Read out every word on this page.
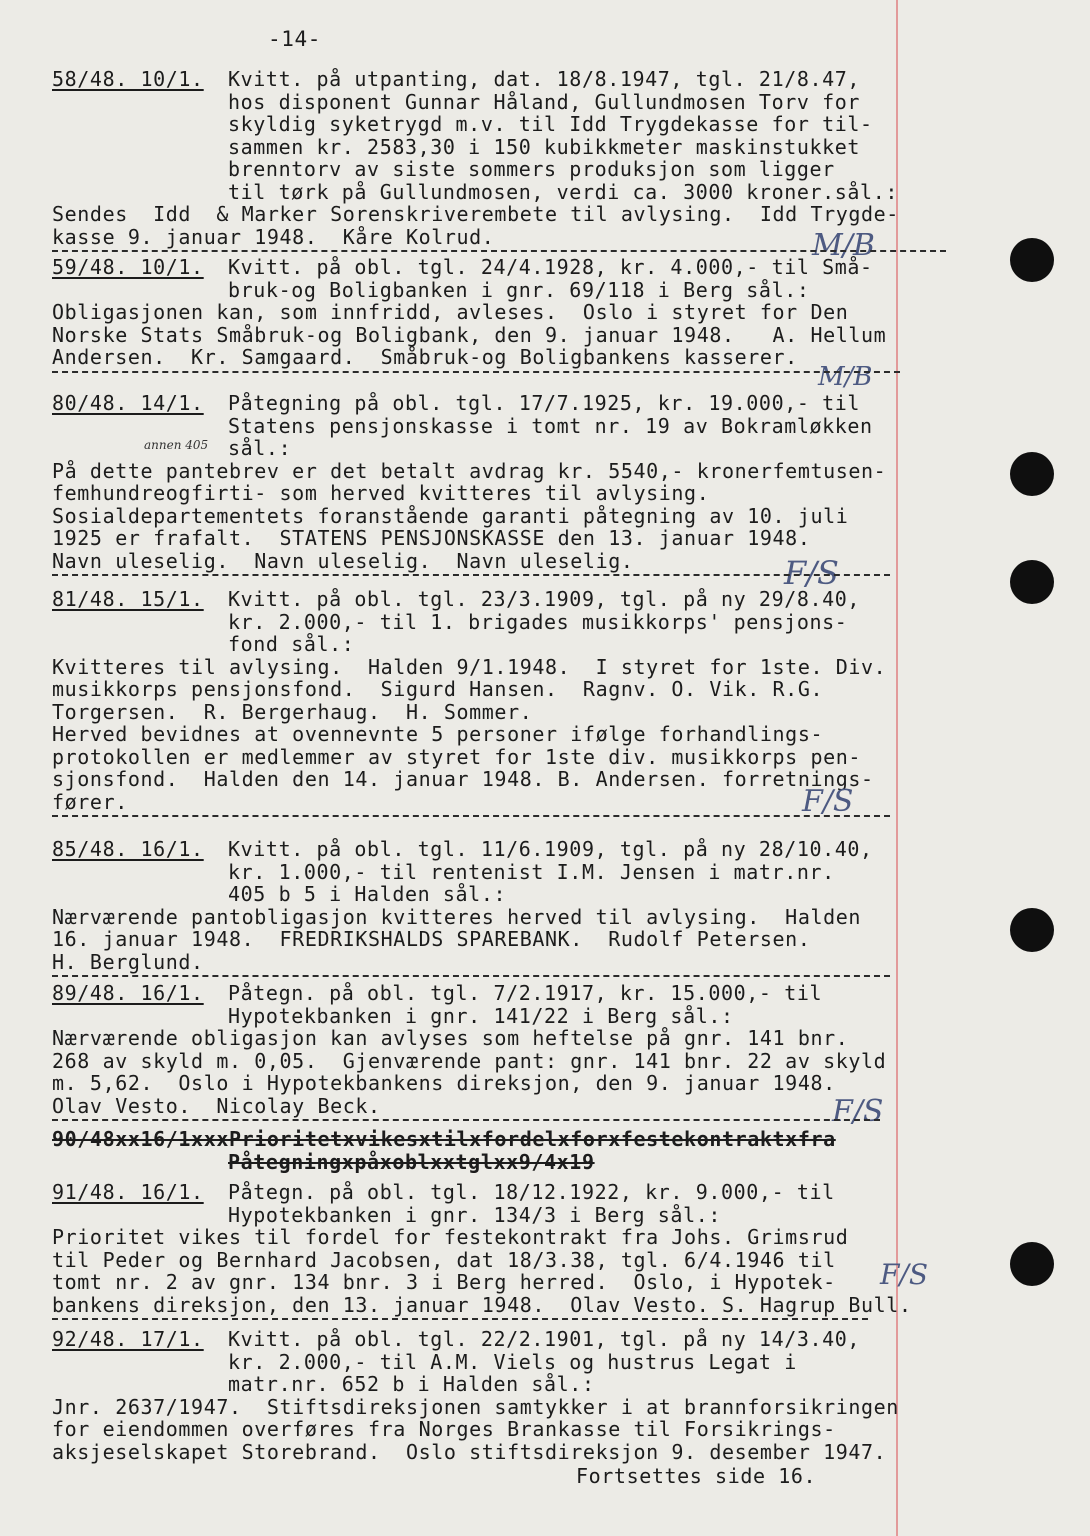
-14-
58/48. 10/1. Kvitt. på utpanting, dat. 18/8.1947, tgl. 21/8.47,
hos disponent Gunnar Håland, Gullundmosen Torv for
skyldig syketrygd m.v. til Idd Trygdekasse for til-
sammen kr. 2583,30 i 150 kubikkmeter maskinstukket
brenntorv av siste sommers produksjon som ligger
til tørk på Gullundmosen, verdi ca. 3000 kroner.sål.:
Sendes  Idd  & Marker Sorenskriverembete til avlysing.  Idd Trygde-
kasse 9. januar 1948.  Kåre Kolrud.	M/B
59/48. 10/1. Kvitt. på obl. tgl. 24/4.1928, kr. 4.000,- til Små-
bruk-og Boligbanken i gnr. 69/118 i Berg sål.:
Obligasjonen kan, som innfridd, avleses.  Oslo i styret for Den
Norske Stats Småbruk-og Boligbank, den 9. januar 1948.   A. Hellum
Andersen.  Kr. Samgaard.  Småbruk-og Boligbankens kasserer.
M/B
80/48. 14/1. Påtegning på obl. tgl. 17/7.1925, kr. 19.000,- til
Statens pensjonskasse i tomt nr. 19 av Bokramløkken
sål.:
annen 405
På dette pantebrev er det betalt avdrag kr. 5540,- kronerfemtusen-
femhundreogfirti- som herved kvitteres til avlysing.
Sosialdepartementets foranstående garanti påtegning av 10. juli
1925 er frafalt.  STATENS PENSJONSKASSE den 13. januar 1948.
Navn uleselig.  Navn uleselig.  Navn uleselig.	F/S
81/48. 15/1. Kvitt. på obl. tgl. 23/3.1909, tgl. på ny 29/8.40,
kr. 2.000,- til 1. brigades musikkorps' pensjons-
fond sål.:
Kvitteres til avlysing.  Halden 9/1.1948.  I styret for 1ste. Div.
musikkorps pensjonsfond.  Sigurd Hansen.  Ragnv. O. Vik. R.G.
Torgersen.  R. Bergerhaug.  H. Sommer.
Herved bevidnes at ovennevnte 5 personer ifølge forhandlings-
protokollen er medlemmer av styret for 1ste div. musikkorps pen-
sjonsfond.  Halden den 14. januar 1948. B. Andersen. forretnings-
fører.	F/S
85/48. 16/1. Kvitt. på obl. tgl. 11/6.1909, tgl. på ny 28/10.40,
kr. 1.000,- til rentenist I.M. Jensen i matr.nr.
405 b 5 i Halden sål.:
Nærværende pantobligasjon kvitteres herved til avlysing.  Halden
16. januar 1948.  FREDRIKSHALDS SPAREBANK.  Rudolf Petersen.
H. Berglund.
89/48. 16/1. Påtegn. på obl. tgl. 7/2.1917, kr. 15.000,- til
Hypotekbanken i gnr. 141/22 i Berg sål.:
Nærværende obligasjon kan avlyses som heftelse på gnr. 141 bnr.
268 av skyld m. 0,05.  Gjenværende pant: gnr. 141 bnr. 22 av skyld
m. 5,62.  Oslo i Hypotekbankens direksjon, den 9. januar 1948.
Olav Vesto.  Nicolay Beck.	F/S
90/48xx16/1xxxPrioritetxvikesxtilxfordelxforxfestekontraktxfra
Påtegningxpåxoblxxtglxx9/4x19
91/48. 16/1. Påtegn. på obl. tgl. 18/12.1922, kr. 9.000,- til
Hypotekbanken i gnr. 134/3 i Berg sål.:
Prioritet vikes til fordel for festekontrakt fra Johs. Grimsrud
til Peder og Bernhard Jacobsen, dat 18/3.38, tgl. 6/4.1946 til
tomt nr. 2 av gnr. 134 bnr. 3 i Berg herred.  Oslo, i Hypotek-
bankens direksjon, den 13. januar 1948.  Olav Vesto. S. Hagrup Bull.
F/S
92/48. 17/1. Kvitt. på obl. tgl. 22/2.1901, tgl. på ny 14/3.40,
kr. 2.000,- til A.M. Viels og hustrus Legat i
matr.nr. 652 b i Halden sål.:
Jnr. 2637/1947.  Stiftsdireksjonen samtykker i at brannforsikringen
for eiendommen overføres fra Norges Brankasse til Forsikrings-
aksjeselskapet Storebrand.  Oslo stiftsdireksjon 9. desember 1947.
Fortsettes side 16.
